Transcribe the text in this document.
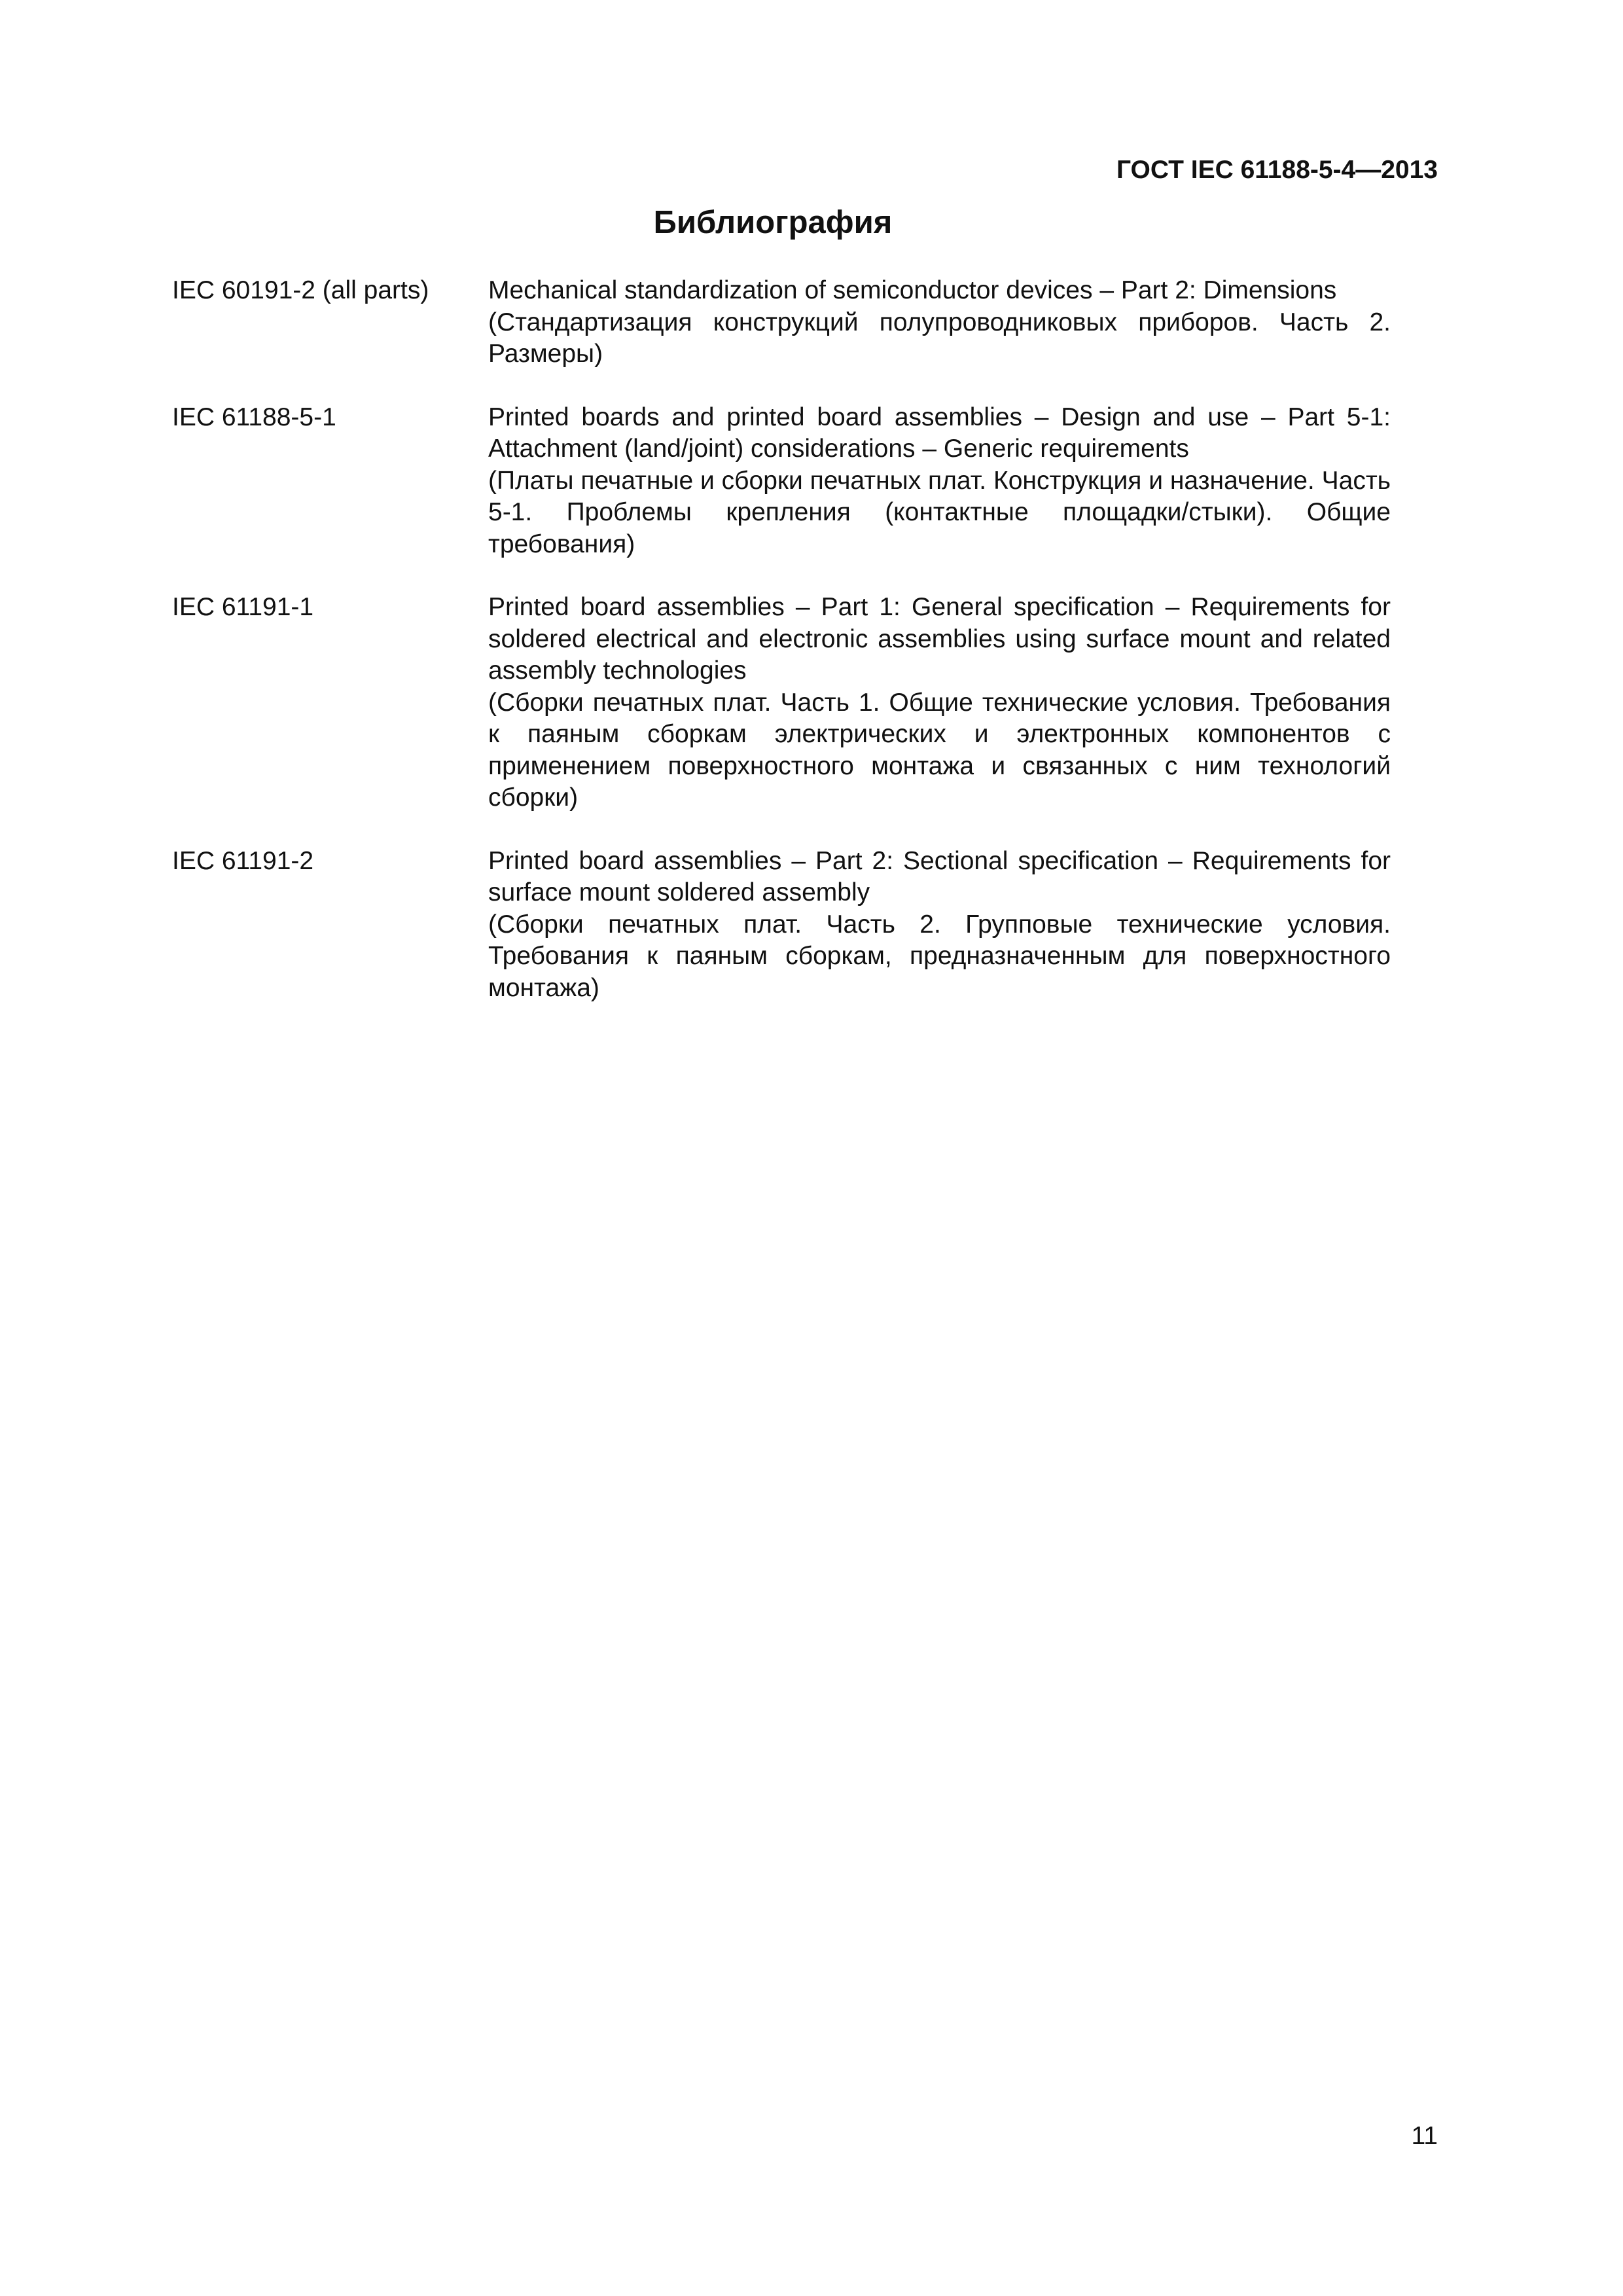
ГОСТ IEC 61188-5-4—2013
Библиография
IEC 60191-2 (all parts)	Mechanical standardization of semiconductor devices – Part 2: Dimensions

(Стандартизация конструкций полупроводниковых приборов. Часть 2. Размеры)

IEC 61188-5-1	Printed boards and printed board assemblies – Design and use – Part 5-1: Attachment (land/joint) considerations – Generic requirements

(Платы печатные и сборки печатных плат. Конструкция и назначение. Часть 5-1. Проблемы крепления (контактные площадки/стыки). Общие требования)

IEC 61191-1	Printed board assemblies – Part 1: General specification – Requirements for soldered electrical and electronic assemblies using surface mount and related assembly technologies

(Сборки печатных плат. Часть 1. Общие технические условия. Требования к паяным сборкам электрических и электронных компонентов с применением поверхностного монтажа и связанных с ним технологий сборки)

IEC 61191-2	Printed board assemblies – Part 2: Sectional specification – Requirements for surface mount soldered assembly

(Сборки печатных плат. Часть 2. Групповые технические условия. Требования к паяным сборкам, предназначенным для поверхностного монтажа)

11
